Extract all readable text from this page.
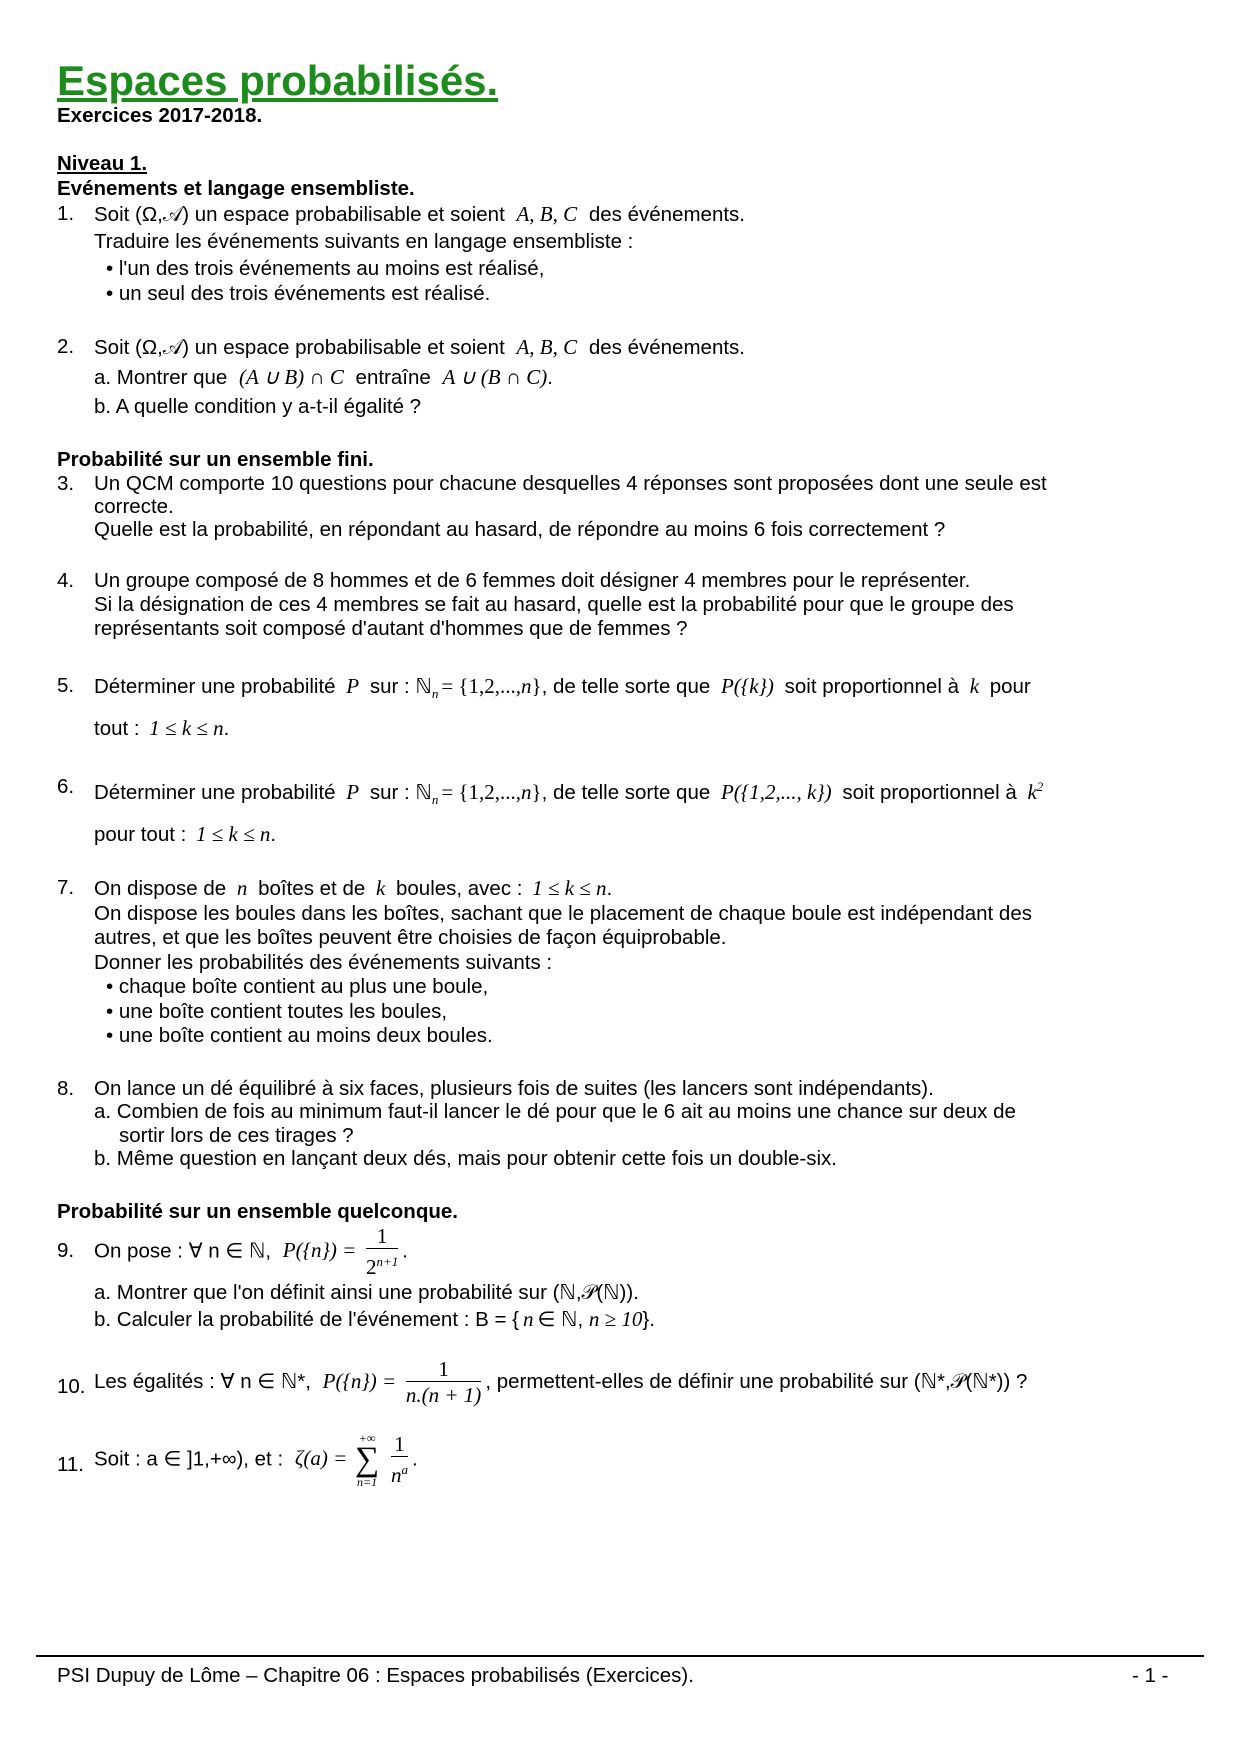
Espaces probabilisés.
Exercices 2017-2018.
Niveau 1.
Evénements et langage ensembliste.
1. Soit (Ω,𝒜) un espace probabilisable et soient A, B, C des événements.
Traduire les événements suivants en langage ensembliste :
• l'un des trois événements au moins est réalisé,
• un seul des trois événements est réalisé.
2. Soit (Ω,𝒜) un espace probabilisable et soient A, B, C des événements.
a. Montrer que (A ∪ B) ∩ C entraîne A ∪ (B ∩ C).
b. A quelle condition y a-t-il égalité ?
Probabilité sur un ensemble fini.
3. Un QCM comporte 10 questions pour chacune desquelles 4 réponses sont proposées dont une seule est
correcte.
Quelle est la probabilité, en répondant au hasard, de répondre au moins 6 fois correctement ?
4. Un groupe composé de 8 hommes et de 6 femmes doit désigner 4 membres pour le représenter.
Si la désignation de ces 4 membres se fait au hasard, quelle est la probabilité pour que le groupe des
représentants soit composé d'autant d'hommes que de femmes ?
5. Déterminer une probabilité P sur : ℕ$_n$ = {1,2,...,n}, de telle sorte que P({k}) soit proportionnel à k pour
tout : 1 ≤ k ≤ n.
6. Déterminer une probabilité P sur : ℕ$_n$ = {1,2,...,n}, de telle sorte que P({1,2,..., k}) soit proportionnel à $k^2$
pour tout : 1 ≤ k ≤ n.
7. On dispose de n boîtes et de k boules, avec : 1 ≤ k ≤ n.
On dispose les boules dans les boîtes, sachant que le placement de chaque boule est indépendant des
autres, et que les boîtes peuvent être choisies de façon équiprobable.
Donner les probabilités des événements suivants :
• chaque boîte contient au plus une boule,
• une boîte contient toutes les boules,
• une boîte contient au moins deux boules.
8. On lance un dé équilibré à six faces, plusieurs fois de suites (les lancers sont indépendants).
a. Combien de fois au minimum faut-il lancer le dé pour que le 6 ait au moins une chance sur deux de
sortir lors de ces tirages ?
b. Même question en lançant deux dés, mais pour obtenir cette fois un double-six.
Probabilité sur un ensemble quelconque.
9. On pose : ∀ n ∈ ℕ, $P(\{n\}) = \frac{1}{2^{n+1}}$ .
a. Montrer que l'on définit ainsi une probabilité sur (ℕ,𝒫(ℕ)).
b. Calculer la probabilité de l'événement : B = { n ∈ ℕ, n ≥ 10}.
10. Les égalités : ∀ n ∈ ℕ*, $P(\{n\}) = \frac{1}{n.(n + 1)}$ , permettent-elles de définir une probabilité sur (ℕ*,𝒫(ℕ*)) ?
11. Soit : a ∈ ]1,+∞), et : ζ(a) =
+∞
∑
n=1
$\frac{1}{n^a}$ .
PSI Dupuy de Lôme – Chapitre 06 : Espaces probabilisés (Exercices).	- 1 -
